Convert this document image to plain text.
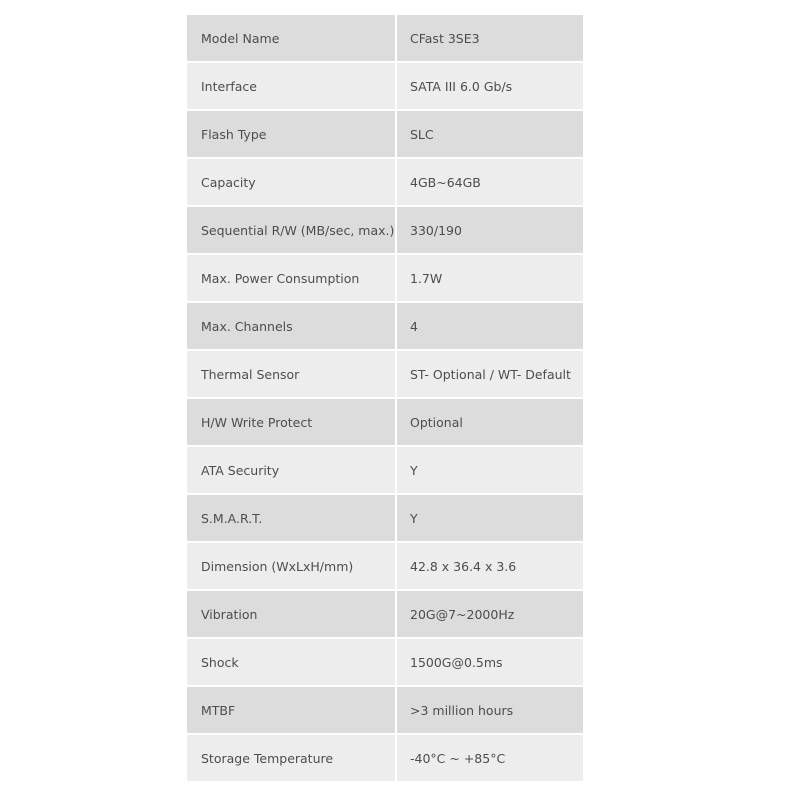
Model Name	CFast 3SE3
Interface	SATA III 6.0 Gb/s
Flash Type	SLC
Capacity	4GB~64GB
Sequential R/W (MB/sec, max.)	330/190
Max. Power Consumption	1.7W
Max. Channels	4
Thermal Sensor	ST- Optional / WT- Default
H/W Write Protect	Optional
ATA Security	Y
S.M.A.R.T.	Y
Dimension (WxLxH/mm)	42.8 x 36.4 x 3.6
Vibration	20G@7~2000Hz
Shock	1500G@0.5ms
MTBF	>3 million hours
Storage Temperature	-40°C ~ +85°C
